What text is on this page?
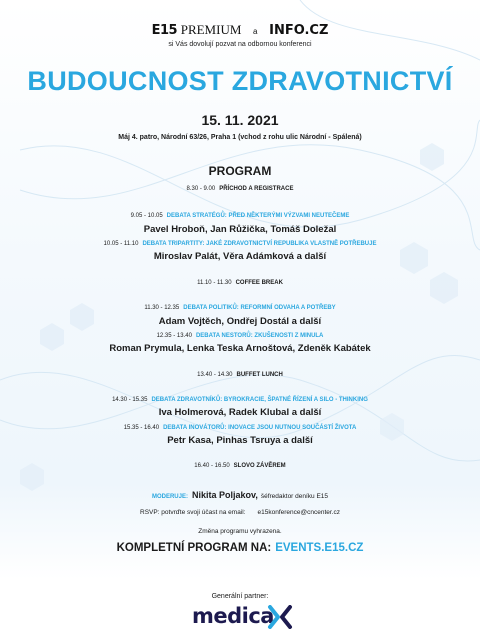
E15 PREMIUM a INFO.CZ
si Vás dovolují pozvat na odbornou konferenci
BUDOUCNOST ZDRAVOTNICTVÍ
15. 11. 2021
Máj 4. patro, Národní 63/26, Praha 1 (vchod z rohu ulic Národní - Spálená)
PROGRAM
8.30 - 9.00 PŘÍCHOD A REGISTRACE
9.05 - 10.05 DEBATA STRATÉGŮ: PŘED NĚKTERÝMI VÝZVAMI NEUTEČEME
Pavel Hroboň, Jan Růžička, Tomáš Doležal
10.05 - 11.10 DEBATA TRIPARTITY: JAKÉ ZDRAVOTNICTVÍ REPUBLIKA VLASTNĚ POTŘEBUJE
Miroslav Palát, Věra Adámková a další
11.10 - 11.30 COFFEE BREAK
11.30 - 12.35 DEBATA POLITIKŮ: REFORMNÍ ODVAHA A POTŘEBY
Adam Vojtěch, Ondřej Dostál a další
12.35 - 13.40 DEBATA NESTORŮ: ZKUŠENOSTI Z MINULA
Roman Prymula, Lenka Teska Arnoštová, Zdeněk Kabátek
13.40 - 14.30 BUFFET LUNCH
14.30 - 15.35 DEBATA ZDRAVOTNÍKŮ: BYROKRACIE, ŠPATNÉ ŘÍZENÍ A SILO - THINKING
Iva Holmerová, Radek Klubal a další
15.35 - 16.40 DEBATA INOVÁTORŮ: INOVACE JSOU NUTNOU SOUČÁSTÍ ŽIVOTA
Petr Kasa, Pinhas Tsruya a další
16.40 - 16.50 SLOVO ZÁVĚREM
MODERUJE: Nikita Poljakov, šéfredaktor deníku E15
RSVP: potvrďte svoji účast na email: e15konference@cncenter.cz
Změna programu vyhrazena.
KOMPLETNÍ PROGRAM NA: EVENTS.E15.CZ
Generální partner:
medica
